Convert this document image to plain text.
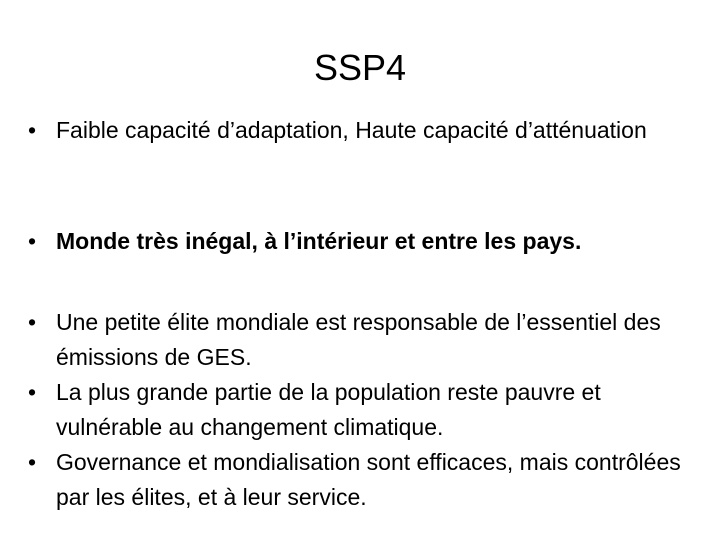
SSP4
• Faible capacité d’adaptation, Haute capacité d’atténuation
• Monde très inégal, à l’intérieur et entre les pays.
• Une petite élite mondiale est responsable de l’essentiel des émissions de GES.
• La plus grande partie de la population reste pauvre et vulnérable au changement climatique.
• Governance et mondialisation sont efficaces, mais contrôlées par les élites, et à leur service.
